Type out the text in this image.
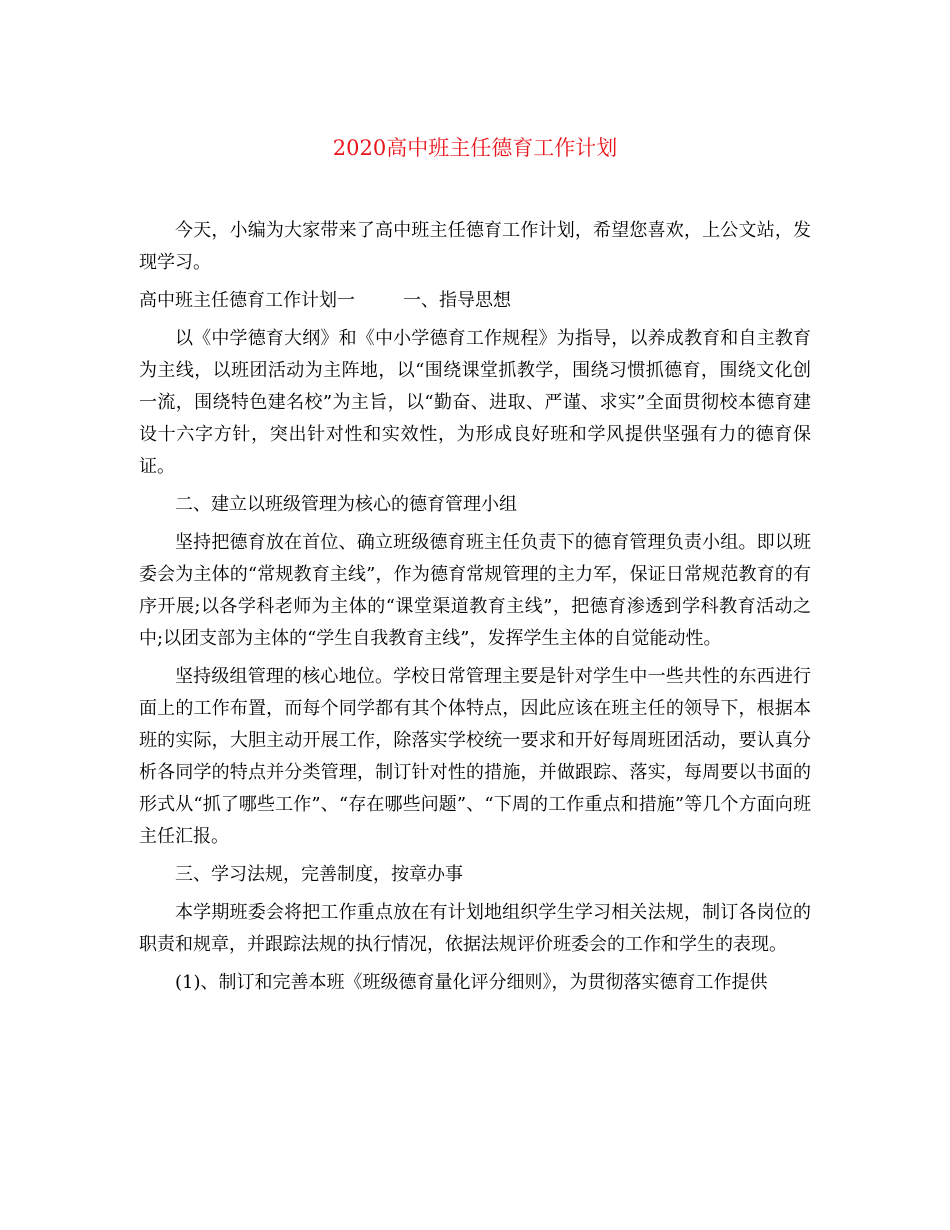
2020高中班主任德育工作计划

今天，小编为大家带来了高中班主任德育工作计划，希望您喜欢，上公文站，发现学习。

高中班主任德育工作计划一	一、指导思想

以《中学德育大纲》和《中小学德育工作规程》为指导，以养成教育和自主教育为主线，以班团活动为主阵地，以“围绕课堂抓教学，围绕习惯抓德育，围绕文化创一流，围绕特色建名校”为主旨，以“勤奋、进取、严谨、求实”全面贯彻校本德育建设十六字方针，突出针对性和实效性，为形成良好班和学风提供坚强有力的德育保证。

二、建立以班级管理为核心的德育管理小组

坚持把德育放在首位、确立班级德育班主任负责下的德育管理负责小组。即以班委会为主体的“常规教育主线”，作为德育常规管理的主力军，保证日常规范教育的有序开展;以各学科老师为主体的“课堂渠道教育主线”，把德育渗透到学科教育活动之中;以团支部为主体的“学生自我教育主线”，发挥学生主体的自觉能动性。

坚持级组管理的核心地位。学校日常管理主要是针对学生中一些共性的东西进行面上的工作布置，而每个同学都有其个体特点，因此应该在班主任的领导下，根据本班的实际，大胆主动开展工作，除落实学校统一要求和开好每周班团活动，要认真分析各同学的特点并分类管理，制订针对性的措施，并做跟踪、落实，每周要以书面的形式从“抓了哪些工作”、“存在哪些问题”、“下周的工作重点和措施”等几个方面向班主任汇报。

三、学习法规，完善制度，按章办事

本学期班委会将把工作重点放在有计划地组织学生学习相关法规，制订各岗位的职责和规章，并跟踪法规的执行情况，依据法规评价班委会的工作和学生的表现。

(1)、制订和完善本班《班级德育量化评分细则》，为贯彻落实德育工作提供
